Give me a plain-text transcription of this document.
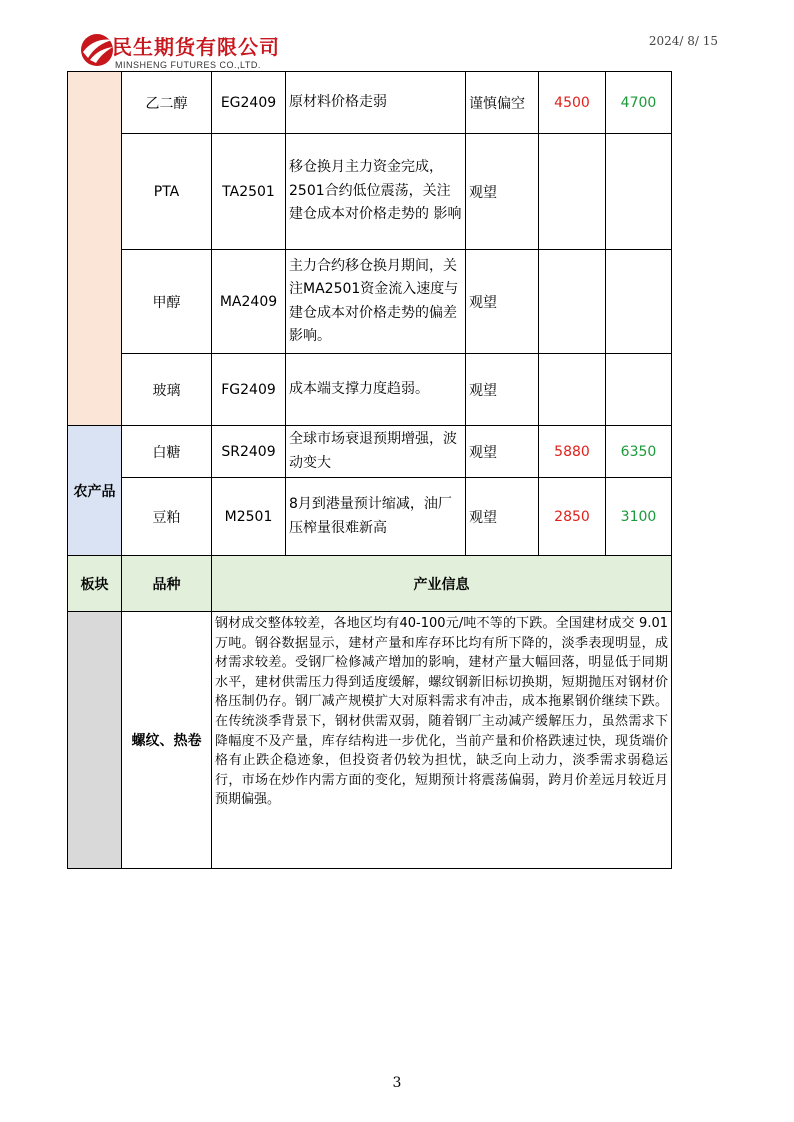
民生期货有限公司
MINSHENG FUTURES CO.,LTD.
2024/ 8/ 15
	乙二醇	EG2409	原材料价格走弱	谨慎偏空	4500	4700
	PTA	TA2501	移仓换月主力资金完成，2501合约低位震荡，关注建仓成本对价格走势的 影响	观望		
	甲醇	MA2409	主力合约移仓换月期间，关注MA2501资金流入速度与建仓成本对价格走势的偏差 影响。	观望		
	玻璃	FG2409	成本端支撑力度趋弱。	观望		
农产品	白糖	SR2409	全球市场衰退预期增强，波动变大	观望	5880	6350
	豆粕	M2501	8月到港量预计缩减，油厂压榨量很难新高	观望	2850	3100
板块	品种	产业信息				
	螺纹、热卷	钢材成交整体较差，各地区均有40-100元/吨不等的下跌。全国建材成交 9.01万吨。钢谷数据显示，建材产量和库存环比均有所下降的，淡季表现明显，成材需求较差。受钢厂检修减产增加的影响，建材产量大幅回落，明显低于同期水平，建材供需压力得到适度缓解，螺纹钢新旧标切换期，短期抛压对钢材价格压制仍存。钢厂减产规模扩大对原料需求有冲击，成本拖累钢价继续下跌。在传统淡季背景下，钢材供需双弱，随着钢厂主动减产缓解压力，虽然需求下降幅度不及产量，库存结构进一步优化，当前产量和价格跌速过快，现货端价格有止跌企稳迹象，但投资者仍较为担忧，缺乏向上动力，淡季需求弱稳运行，市场在炒作内需方面的变化，短期预计将震荡偏弱，跨月价差远月较近月预期偏强。				
3
